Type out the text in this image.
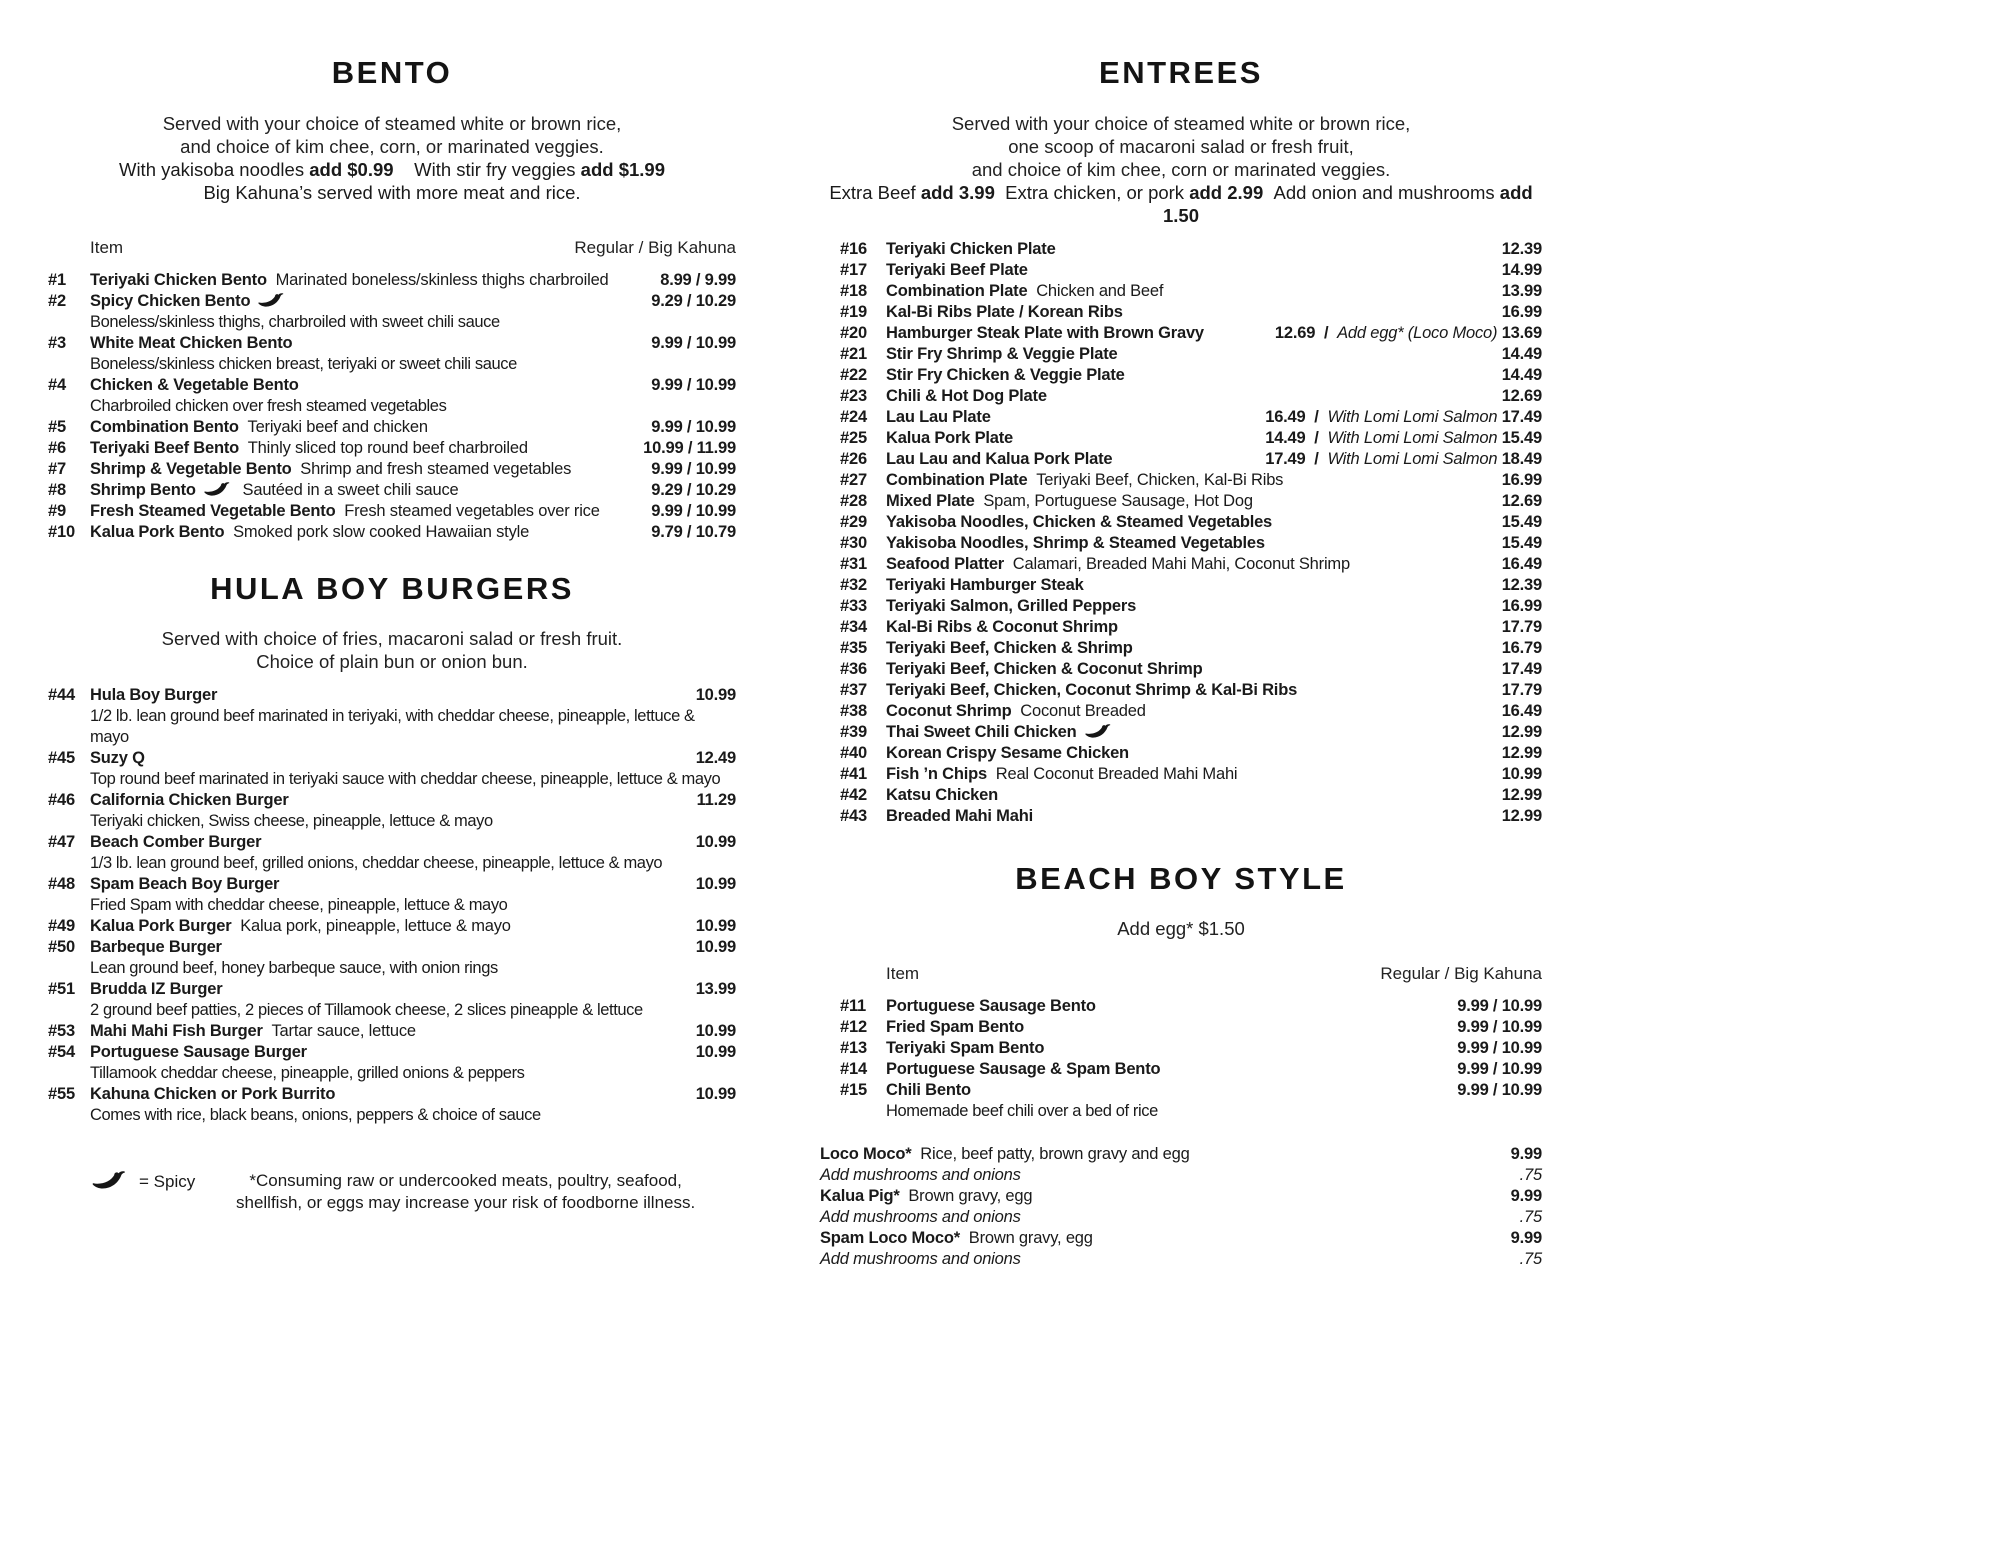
BENTO
Served with your choice of steamed white or brown rice,
and choice of kim chee, corn, or marinated veggies.
With yakisoba noodles add $0.99    With stir fry veggies add $1.99
Big Kahuna’s served with more meat and rice.
Item	Regular / Big Kahuna
#1	Teriyaki Chicken Bento Marinated boneless/skinless thighs charbroiled	8.99 / 9.99
#2	Spicy Chicken Bento	9.29 / 10.29
Boneless/skinless thighs, charbroiled with sweet chili sauce
#3	White Meat Chicken Bento	9.99 / 10.99
Boneless/skinless chicken breast, teriyaki or sweet chili sauce
#4	Chicken & Vegetable Bento	9.99 / 10.99
Charbroiled chicken over fresh steamed vegetables
#5	Combination Bento Teriyaki beef and chicken	9.99 / 10.99
#6	Teriyaki Beef Bento Thinly sliced top round beef charbroiled	10.99 / 11.99
#7	Shrimp & Vegetable Bento Shrimp and fresh steamed vegetables	9.99 / 10.99
#8	Shrimp Bento Sautéed in a sweet chili sauce	9.29 / 10.29
#9	Fresh Steamed Vegetable Bento Fresh steamed vegetables over rice	9.99 / 10.99
#10 Kalua Pork Bento Smoked pork slow cooked Hawaiian style	9.79 / 10.79
HULA BOY BURGERS
Served with choice of fries, macaroni salad or fresh fruit.
Choice of plain bun or onion bun.
#44 Hula Boy Burger	10.99
1/2 lb. lean ground beef marinated in teriyaki, with cheddar cheese, pineapple, lettuce & mayo
#45 Suzy Q	12.49
Top round beef marinated in teriyaki sauce with cheddar cheese, pineapple, lettuce & mayo
#46 California Chicken Burger	11.29
Teriyaki chicken, Swiss cheese, pineapple, lettuce & mayo
#47 Beach Comber Burger	10.99
1/3 lb. lean ground beef, grilled onions, cheddar cheese, pineapple, lettuce & mayo
#48 Spam Beach Boy Burger	10.99
Fried Spam with cheddar cheese, pineapple, lettuce & mayo
#49 Kalua Pork Burger Kalua pork, pineapple, lettuce & mayo	10.99
#50 Barbeque Burger	10.99
Lean ground beef, honey barbeque sauce, with onion rings
#51 Brudda IZ Burger	13.99
2 ground beef patties, 2 pieces of Tillamook cheese, 2 slices pineapple & lettuce
#53 Mahi Mahi Fish Burger Tartar sauce, lettuce	10.99
#54 Portuguese Sausage Burger	10.99
Tillamook cheddar cheese, pineapple, grilled onions & peppers
#55 Kahuna Chicken or Pork Burrito	10.99
Comes with rice, black beans, onions, peppers & choice of sauce
= Spicy	*Consuming raw or undercooked meats, poultry, seafood,
shellfish, or eggs may increase your risk of foodborne illness.
ENTREES
Served with your choice of steamed white or brown rice,
one scoop of macaroni salad or fresh fruit,
and choice of kim chee, corn or marinated veggies.
Extra Beef add 3.99  Extra chicken, or pork add 2.99  Add onion and mushrooms add 1.50
#16	Teriyaki Chicken Plate	12.39
#17	Teriyaki Beef Plate	14.99
#18	Combination Plate Chicken and Beef	13.99
#19	Kal-Bi Ribs Plate / Korean Ribs	16.99
#20	Hamburger Steak Plate with Brown Gravy	12.69  /  Add egg* (Loco Moco) 13.69
#21	Stir Fry Shrimp & Veggie Plate	14.49
#22	Stir Fry Chicken & Veggie Plate	14.49
#23	Chili & Hot Dog Plate	12.69
#24	Lau Lau Plate	16.49  /  With Lomi Lomi Salmon 17.49
#25	Kalua Pork Plate	14.49  /  With Lomi Lomi Salmon 15.49
#26	Lau Lau and Kalua Pork Plate	17.49  /  With Lomi Lomi Salmon 18.49
#27	Combination Plate Teriyaki Beef, Chicken, Kal-Bi Ribs	16.99
#28	Mixed Plate Spam, Portuguese Sausage, Hot Dog	12.69
#29	Yakisoba Noodles, Chicken & Steamed Vegetables	15.49
#30	Yakisoba Noodles, Shrimp & Steamed Vegetables	15.49
#31	Seafood Platter Calamari, Breaded Mahi Mahi, Coconut Shrimp	16.49
#32	Teriyaki Hamburger Steak	12.39
#33	Teriyaki Salmon, Grilled Peppers	16.99
#34	Kal-Bi Ribs & Coconut Shrimp	17.79
#35	Teriyaki Beef, Chicken & Shrimp	16.79
#36	Teriyaki Beef, Chicken & Coconut Shrimp	17.49
#37	Teriyaki Beef, Chicken, Coconut Shrimp & Kal-Bi Ribs	17.79
#38	Coconut Shrimp Coconut Breaded	16.49
#39	Thai Sweet Chili Chicken	12.99
#40	Korean Crispy Sesame Chicken	12.99
#41	Fish ’n Chips Real Coconut Breaded Mahi Mahi	10.99
#42	Katsu Chicken	12.99
#43	Breaded Mahi Mahi	12.99
BEACH BOY STYLE
Add egg* $1.50
Item	Regular / Big Kahuna
#11	Portuguese Sausage Bento	9.99 / 10.99
#12	Fried Spam Bento	9.99 / 10.99
#13	Teriyaki Spam Bento	9.99 / 10.99
#14	Portuguese Sausage & Spam Bento	9.99 / 10.99
#15	Chili Bento	9.99 / 10.99
Homemade beef chili over a bed of rice
Loco Moco* Rice, beef patty, brown gravy and egg	9.99
Add mushrooms and onions	.75
Kalua Pig* Brown gravy, egg	9.99
Add mushrooms and onions	.75
Spam Loco Moco* Brown gravy, egg	9.99
Add mushrooms and onions	.75
